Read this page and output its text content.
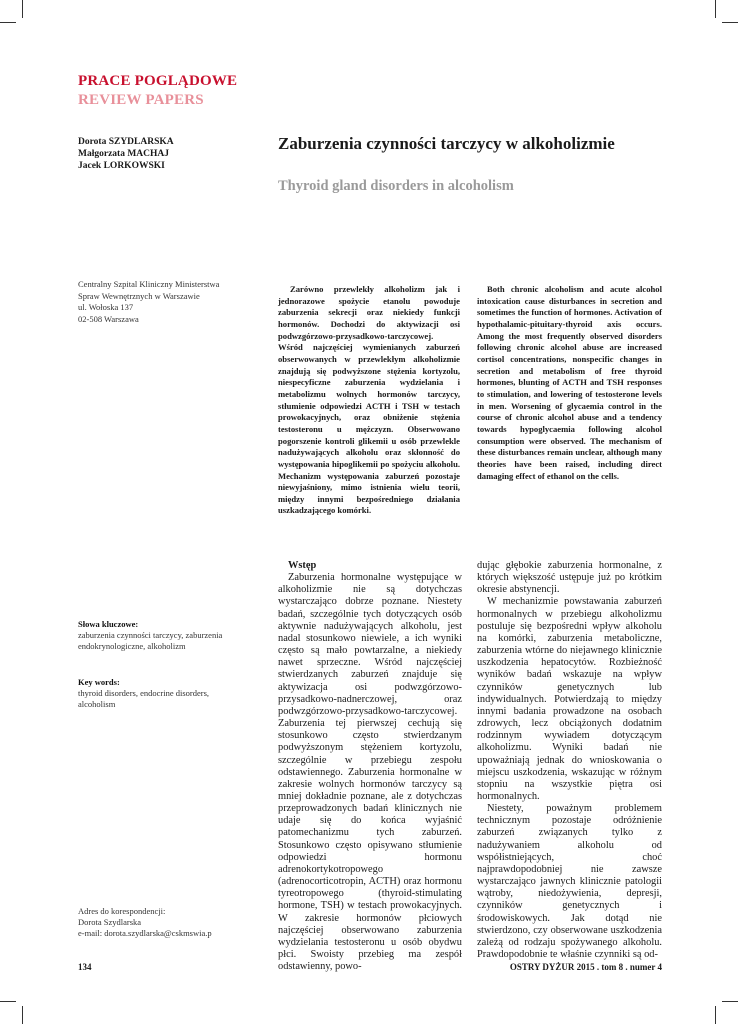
PRACE POGLĄDOWE
REVIEW PAPERS
Dorota SZYDLARSKA
Małgorzata MACHAJ
Jacek LORKOWSKI
Zaburzenia czynności tarczycy w alkoholizmie
Thyroid gland disorders in alcoholism
Centralny Szpital Kliniczny Ministerstwa
Spraw Wewnętrznych w Warszawie
ul. Wołoska 137
02-508 Warszawa
Zarówno przewlekły alkoholizm jak i jednorazowe spożycie etanolu powoduje zaburzenia sekrecji oraz niekiedy funkcji hormonów. Dochodzi do aktywizacji osi podwzgórzowo-przysadkowo-tarczycowej. Wśród najczęściej wymienianych zaburzeń obserwowanych w przewlekłym alkoholizmie znajdują się podwyższone stężenia kortyzolu, niespecyficzne zaburzenia wydzielania i metabolizmu wolnych hormonów tarczycy, stłumienie odpowiedzi ACTH i TSH w testach prowokacyjnych, oraz obniżenie stężenia testosteronu u mężczyzn. Obserwowano pogorszenie kontroli glikemii u osób przewlekle nadużywających alkoholu oraz skłonność do występowania hipoglikemii po spożyciu alkoholu. Mechanizm występowania zaburzeń pozostaje niewyjaśniony, mimo istnienia wielu teorii, między innymi bezpośredniego działania uszkadzającego komórki.
Both chronic alcoholism and acute alcohol intoxication cause disturbances in secretion and sometimes the function of hormones. Activation of hypothalamic-pituitary-thyroid axis occurs. Among the most frequently observed disorders following chronic alcohol abuse are increased cortisol concentrations, nonspecific changes in secretion and metabolism of free thyroid hormones, blunting of ACTH and TSH responses to stimulation, and lowering of testosterone levels in men. Worsening of glycaemia control in the course of chronic alcohol abuse and a tendency towards hypoglycaemia following alcohol consumption were observed. The mechanism of these disturbances remain unclear, although many theories have been raised, including direct damaging effect of ethanol on the cells.
Słowa kluczowe:
zaburzenia czynności tarczycy, zaburzenia endokrynologiczne, alkoholizm
Key words:
thyroid disorders, endocrine disorders, alcoholism
Adres do korespondencji:
Dorota Szydlarska
e-mail: dorota.szydlarska@cskmswia.p
Wstęp
Zaburzenia hormonalne występujące w alkoholizmie nie są dotychczas wystarczająco dobrze poznane. Niestety badań, szczególnie tych dotyczących osób aktywnie nadużywających alkoholu, jest nadal stosunkowo niewiele, a ich wyniki często są mało powtarzalne, a niekiedy nawet sprzeczne. Wśród najczęściej stwierdzanych zaburzeń znajduje się aktywizacja osi podwzgórzowo-przysadkowo-nadnerczowej, oraz podwzgórzowo-przysadkowo-tarczycowej. Zaburzenia tej pierwszej cechują się stosunkowo często stwierdzanym podwyższonym stężeniem kortyzolu, szczególnie w przebiegu zespołu odstawiennego. Zaburzenia hormonalne w zakresie wolnych hormonów tarczycy są mniej dokładnie poznane, ale z dotychczas przeprowadzonych badań klinicznych nie udaje się do końca wyjaśnić patomechanizmu tych zaburzeń. Stosunkowo często opisywano stłumienie odpowiedzi hormonu adrenokortykotropowego (adrenocorticotropin, ACTH) oraz hormonu tyreotropowego (thyroid-stimulating hormone, TSH) w testach prowokacyjnych. W zakresie hormonów płciowych najczęściej obserwowano zaburzenia wydzielania testosteronu u osób obydwu płci. Swoisty przebieg ma zespół odstawienny, powo-
dując głębokie zaburzenia hormonalne, z których większość ustępuje już po krótkim okresie abstynencji.
W mechanizmie powstawania zaburzeń hormonalnych w przebiegu alkoholizmu postuluje się bezpośredni wpływ alkoholu na komórki, zaburzenia metaboliczne, zaburzenia wtórne do niejawnego klinicznie uszkodzenia hepatocytów. Rozbieżność wyników badań wskazuje na wpływ czynników genetycznych lub indywidualnych. Potwierdzają to między innymi badania prowadzone na osobach zdrowych, lecz obciążonych dodatnim rodzinnym wywiadem dotyczącym alkoholizmu. Wyniki badań nie upoważniają jednak do wnioskowania o miejscu uszkodzenia, wskazując w różnym stopniu na wszystkie piętra osi hormonalnych.
Niestety, poważnym problemem technicznym pozostaje odróżnienie zaburzeń związanych tylko z nadużywaniem alkoholu od współistniejących, choć najprawdopodobniej nie zawsze wystarczająco jawnych klinicznie patologii wątroby, niedożywienia, depresji, czynników genetycznych i środowiskowych. Jak dotąd nie stwierdzono, czy obserwowane uszkodzenia zależą od rodzaju spożywanego alkoholu. Prawdopodobnie te właśnie czynniki są od-
134	OSTRY DYŻUR 2015 . tom 8 . numer 4
